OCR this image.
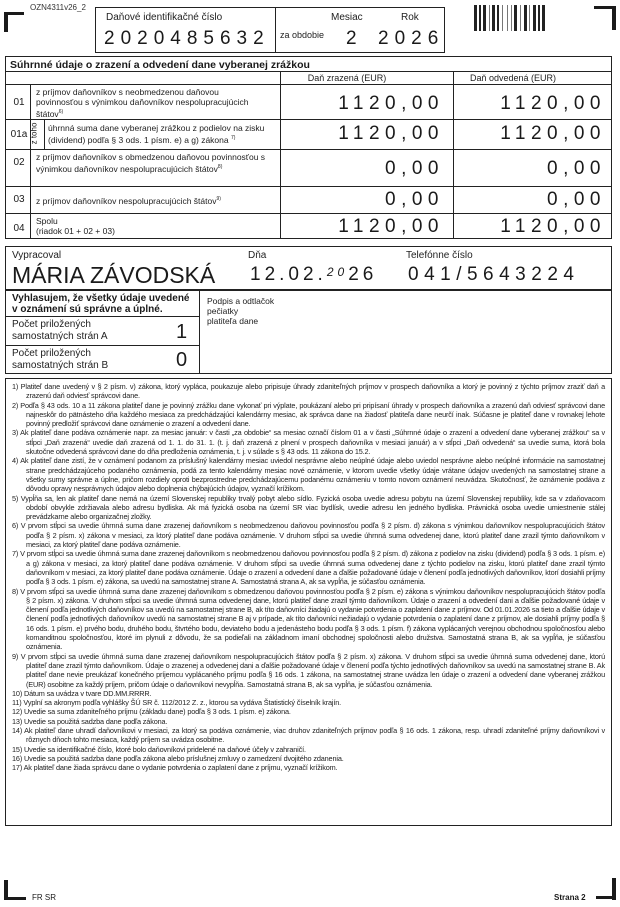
OZN4311v26_2
Daňové identifikačné číslo
2020485632
Mesiac	Rok
za obdobie 2 2026
Súhrnné údaje o zrazení a odvedení dane vyberanej zrážkou
Daň zrazená (EUR)	Daň odvedená (EUR)
01
z príjmov daňovníkov s neobmedzenou daňovou povinnosťou s výnimkou daňovníkov nespolupracujúcich štátov$^{6)}$	1120,00	1120,00
01a z toho úhrnná suma dane vyberanej zrážkou z podielov na zisku (dividend) podľa § 3 ods. 1 písm. e) a g) zákona $^{7)}$	1120,00	1120,00
02	z príjmov daňovníkov s obmedzenou daňovou povinnosťou s výnimkou daňovníkov nespolupracujúcich štátov$^{8)}$	0,00	0,00
03	z príjmov daňovníkov nespolupracujúcich štátov$^{9)}$	0,00	0,00
04
Spolu
(riadok 01 + 02 + 03)	1120,00	1120,00
Vypracoval
MÁRIA ZÁVODSKÁ
Dňa
12.02.2026
Telefónne číslo
041/5643224
Vyhlasujem, že všetky údaje uvedené
v oznámení sú správne a úplné.
Počet priložených
samostatných strán A	1
Počet priložených
samostatných strán B	0
Podpis a odtlačok
pečiatky
platiteľa dane
1) Platiteľ dane uvedený v § 2 písm. v) zákona, ktorý vypláca, poukazuje alebo pripisuje úhrady zdaniteľných príjmov v prospech daňovníka a ktorý je povinný z týchto príjmov zraziť daň a zrazenú daň odviesť správcovi dane.
2) Podľa § 43 ods. 10 a 11 zákona platiteľ dane je povinný zrážku dane vykonať pri výplate, poukázaní alebo pri pripísaní úhrady v prospech daňovníka a zrazenú daň odviesť správcovi dane najneskôr do pätnásteho dňa každého mesiaca za predchádzajúci kalendárny mesiac, ak správca dane na žiadosť platiteľa dane neurčí inak. Súčasne je platiteľ dane v rovnakej lehote povinný predložiť správcovi dane oznámenie o zrazení a odvedení dane.
3) Ak platiteľ dane podáva oznámenie napr. za mesiac január: v časti „za obdobie“ sa mesiac označí číslom 01 a v časti „Súhrnné údaje o zrazení a odvedení dane vyberanej zrážkou“ sa v stĺpci „Daň zrazená“ uvedie daň zrazená od 1. 1. do 31. 1. (t. j. daň zrazená z plnení v prospech daňovníka v mesiaci január) a v stĺpci „Daň odvedená“ sa uvedie suma, ktorá bola skutočne odvedená správcovi dane do dňa predloženia oznámenia, t. j. v súlade s § 43 ods. 11 zákona do 15.2.
4) Ak platiteľ dane zistí, že v oznámení podanom za príslušný kalendárny mesiac uviedol nesprávne alebo neúplné údaje alebo uviedol nesprávne alebo neúplné informácie na samostatnej strane predchádzajúceho podaného oznámenia, podá za tento kalendárny mesiac nové oznámenie, v ktorom uvedie všetky údaje vrátane údajov uvedených na samostatnej strane a všetky sumy správne a úplne, pričom rozdiely oproti bezprostredne predchádzajúcemu podanému oznámeniu v tomto novom oznámení neuvádza. Skutočnosť, že oznámenie podáva z dôvodu opravy nesprávnych údajov alebo doplnenia chýbajúcich údajov, vyznačí krížikom.
5) Vypĺňa sa, len ak platiteľ dane nemá na území Slovenskej republiky trvalý pobyt alebo sídlo. Fyzická osoba uvedie adresu pobytu na území Slovenskej republiky, kde sa v zdaňovacom období obvykle zdržiavala alebo adresu bydliska. Ak má fyzická osoba na území SR viac bydlísk, uvedie adresu len jedného bydliska. Právnická osoba uvedie umiestnenie stálej prevádzkarne alebo organizačnej zložky.
6) V prvom stĺpci sa uvedie úhrnná suma dane zrazenej daňovníkom s neobmedzenou daňovou povinnosťou podľa § 2 písm. d) zákona s výnimkou daňovníkov nespolupracujúcich štátov podľa § 2 písm. x) zákona v mesiaci, za ktorý platiteľ dane podáva oznámenie. V druhom stĺpci sa uvedie úhrnná suma odvedenej dane, ktorú platiteľ dane zrazil týmto daňovníkom v mesiaci, za ktorý platiteľ dane podáva oznámenie.
7) V prvom stĺpci sa uvedie úhrnná suma dane zrazenej daňovníkom s neobmedzenou daňovou povinnosťou podľa § 2 písm. d) zákona z podielov na zisku (dividend) podľa § 3 ods. 1 písm. e) a g) zákona v mesiaci, za ktorý platiteľ dane podáva oznámenie. V druhom stĺpci sa uvedie úhrnná suma odvedenej dane z týchto podielov na zisku, ktorú platiteľ dane zrazil týmto daňovníkom v mesiaci, za ktorý platiteľ dane podáva oznámenie. Údaje o zrazení a odvedení dane a ďalšie požadované údaje v členení podľa jednotlivých daňovníkov, ktorí dosiahli príjmy podľa § 3 ods. 1 písm. e) zákona, sa uvedú na samostatnej strane A. Samostatná strana A, ak sa vypĺňa, je súčasťou oznámenia.
8) V prvom stĺpci sa uvedie úhrnná suma dane zrazenej daňovníkom s obmedzenou daňovou povinnosťou podľa § 2 písm. e) zákona s výnimkou daňovníkov nespolupracujúcich štátov podľa § 2 písm. x) zákona. V druhom stĺpci sa uvedie úhrnná suma odvedenej dane, ktorú platiteľ dane zrazil týmto daňovníkom. Údaje o zrazení a odvedení dani a ďalšie požadované údaje v členení podľa jednotlivých daňovníkov sa uvedú na samostatnej strane B, ak títo daňovníci žiadajú o vydanie potvrdenia o zaplatení dane z príjmov. Od 01.01.2026 sa tieto a ďalšie údaje v členení podľa jednotlivých daňovníkov uvedú na samostatnej strane B aj v prípade, ak títo daňovníci nežiadajú o vydanie potvrdenia o zaplatení dane z príjmov, ale dosiahli príjmy podľa § 16 ods. 1 písm. e) prvého bodu, druhého bodu, štvrtého bodu, deviateho bodu a jedenásteho bodu podľa § 3 ods. 1 písm. f) zákona vyplácaných verejnou obchodnou spoločnosťou alebo komanditnou spoločnosťou, ktoré im plynuli z dôvodu, že sa podieľali na základnom imaní obchodnej spoločnosti alebo družstva. Samostatná strana B, ak sa vypĺňa, je súčasťou oznámenia.
9) V prvom stĺpci sa uvedie úhrnná suma dane zrazenej daňovníkom nespolupracujúcich štátov podľa § 2 písm. x) zákona. V druhom stĺpci sa uvedie úhrnná suma odvedenej dane, ktorú platiteľ dane zrazil týmto daňovníkom. Údaje o zrazenej a odvedenej dani a ďalšie požadované údaje v členení podľa týchto jednotlivých daňovníkov sa uvedú na samostatnej strane B. Ak platiteľ dane nevie preukázať konečného príjemcu vyplácaného príjmu podľa § 16 ods. 1 zákona, na samostatnej strane uvádza len údaje o zrazení a odvedení dane vyberanej zrážkou (EUR) osobitne za každý príjem, pričom údaje o daňovníkovi nevypĺňa. Samostatná strana B, ak sa vypĺňa, je súčasťou oznámenia.
10) Dátum sa uvádza v tvare DD.MM.RRRR.
11) Vyplní sa akronym podľa vyhlášky ŠÚ SR č. 112/2012 Z. z., ktorou sa vydáva Štatistický číselník krajín.
12) Uvedie sa suma zdaniteľného príjmu (základu dane) podľa § 3 ods. 1 písm. e) zákona.
13) Uvedie sa použitá sadzba dane podľa zákona.
14) Ak platiteľ dane uhradí daňovníkovi v mesiaci, za ktorý sa podáva oznámenie, viac druhov zdaniteľných príjmov podľa § 16 ods. 1 zákona, resp. uhradí zdaniteľné príjmy daňovníkovi v rôznych dňoch tohto mesiaca, každý príjem sa uvádza osobitne.
15) Uvedie sa identifikačné číslo, ktoré bolo daňovníkovi pridelené na daňové účely v zahraničí.
16) Uvedie sa použitá sadzba dane podľa zákona alebo príslušnej zmluvy o zamedzení dvojitého zdanenia.
17) Ak platiteľ dane žiada správcu dane o vydanie potvrdenia o zaplatení dane z príjmu, vyznačí krížikom.
FR SR	Strana 2
